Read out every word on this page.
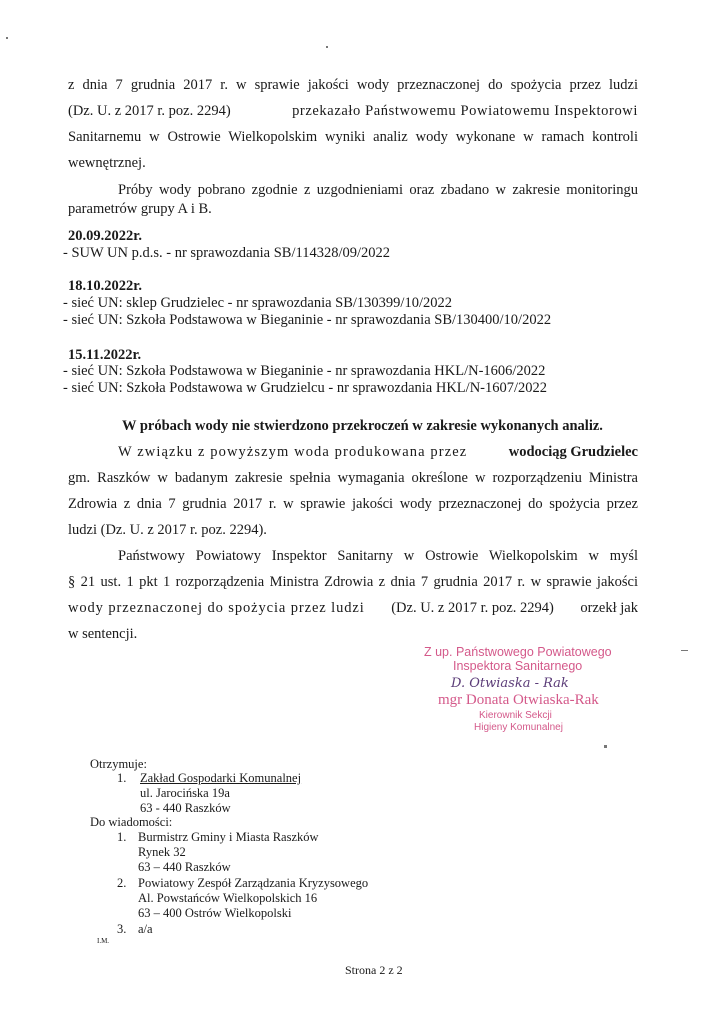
z dnia 7 grudnia 2017 r. w sprawie jakości wody przeznaczonej do spożycia przez ludzi
(Dz. U. z 2017 r. poz. 2294)	przekazało Państwowemu Powiatowemu Inspektorowi
Sanitarnemu w Ostrowie Wielkopolskim wyniki analiz wody wykonane w ramach kontroli
wewnętrznej.
Próby wody pobrano zgodnie z uzgodnieniami oraz zbadano w zakresie monitoringu
parametrów grupy A i B.
20.09.2022r.
- SUW UN p.d.s. - nr sprawozdania SB/114328/09/2022
18.10.2022r.
- sieć UN: sklep Grudzielec - nr sprawozdania SB/130399/10/2022
- sieć UN: Szkoła Podstawowa w Bieganinie - nr sprawozdania SB/130400/10/2022
15.11.2022r.
- sieć UN: Szkoła Podstawowa w Bieganinie - nr sprawozdania HKL/N-1606/2022
- sieć UN: Szkoła Podstawowa w Grudzielcu - nr sprawozdania HKL/N-1607/2022
W próbach wody nie stwierdzono przekroczeń w zakresie wykonanych analiz.
W związku z powyższym woda produkowana przez	wodociąg Grudzielec
gm. Raszków w badanym zakresie spełnia wymagania określone w rozporządzeniu Ministra
Zdrowia z dnia 7 grudnia 2017 r. w sprawie jakości wody przeznaczonej do spożycia przez
ludzi (Dz. U. z 2017 r. poz. 2294).
Państwowy Powiatowy Inspektor Sanitarny w Ostrowie Wielkopolskim w myśl
§ 21 ust. 1 pkt 1 rozporządzenia Ministra Zdrowia z dnia 7 grudnia 2017 r. w sprawie jakości
wody przeznaczonej do spożycia przez ludzi (Dz. U. z 2017 r. poz. 2294) orzekł jak
w sentencji.
Z up. Państwowego Powiatowego
Inspektora Sanitarnego
D. Otwiaska - Rak
mgr Donata Otwiaska-Rak
Kierownik Sekcji
Higieny Komunalnej
Otrzymuje:
1. Zakład Gospodarki Komunalnej
ul. Jarocińska 19a
63 - 440 Raszków
Do wiadomości:
1. Burmistrz Gminy i Miasta Raszków
Rynek 32
63 – 440 Raszków
2. Powiatowy Zespół Zarządzania Kryzysowego
Al. Powstańców Wielkopolskich 16
63 – 400 Ostrów Wielkopolski
3. a/a
I.M.
Strona 2 z 2
